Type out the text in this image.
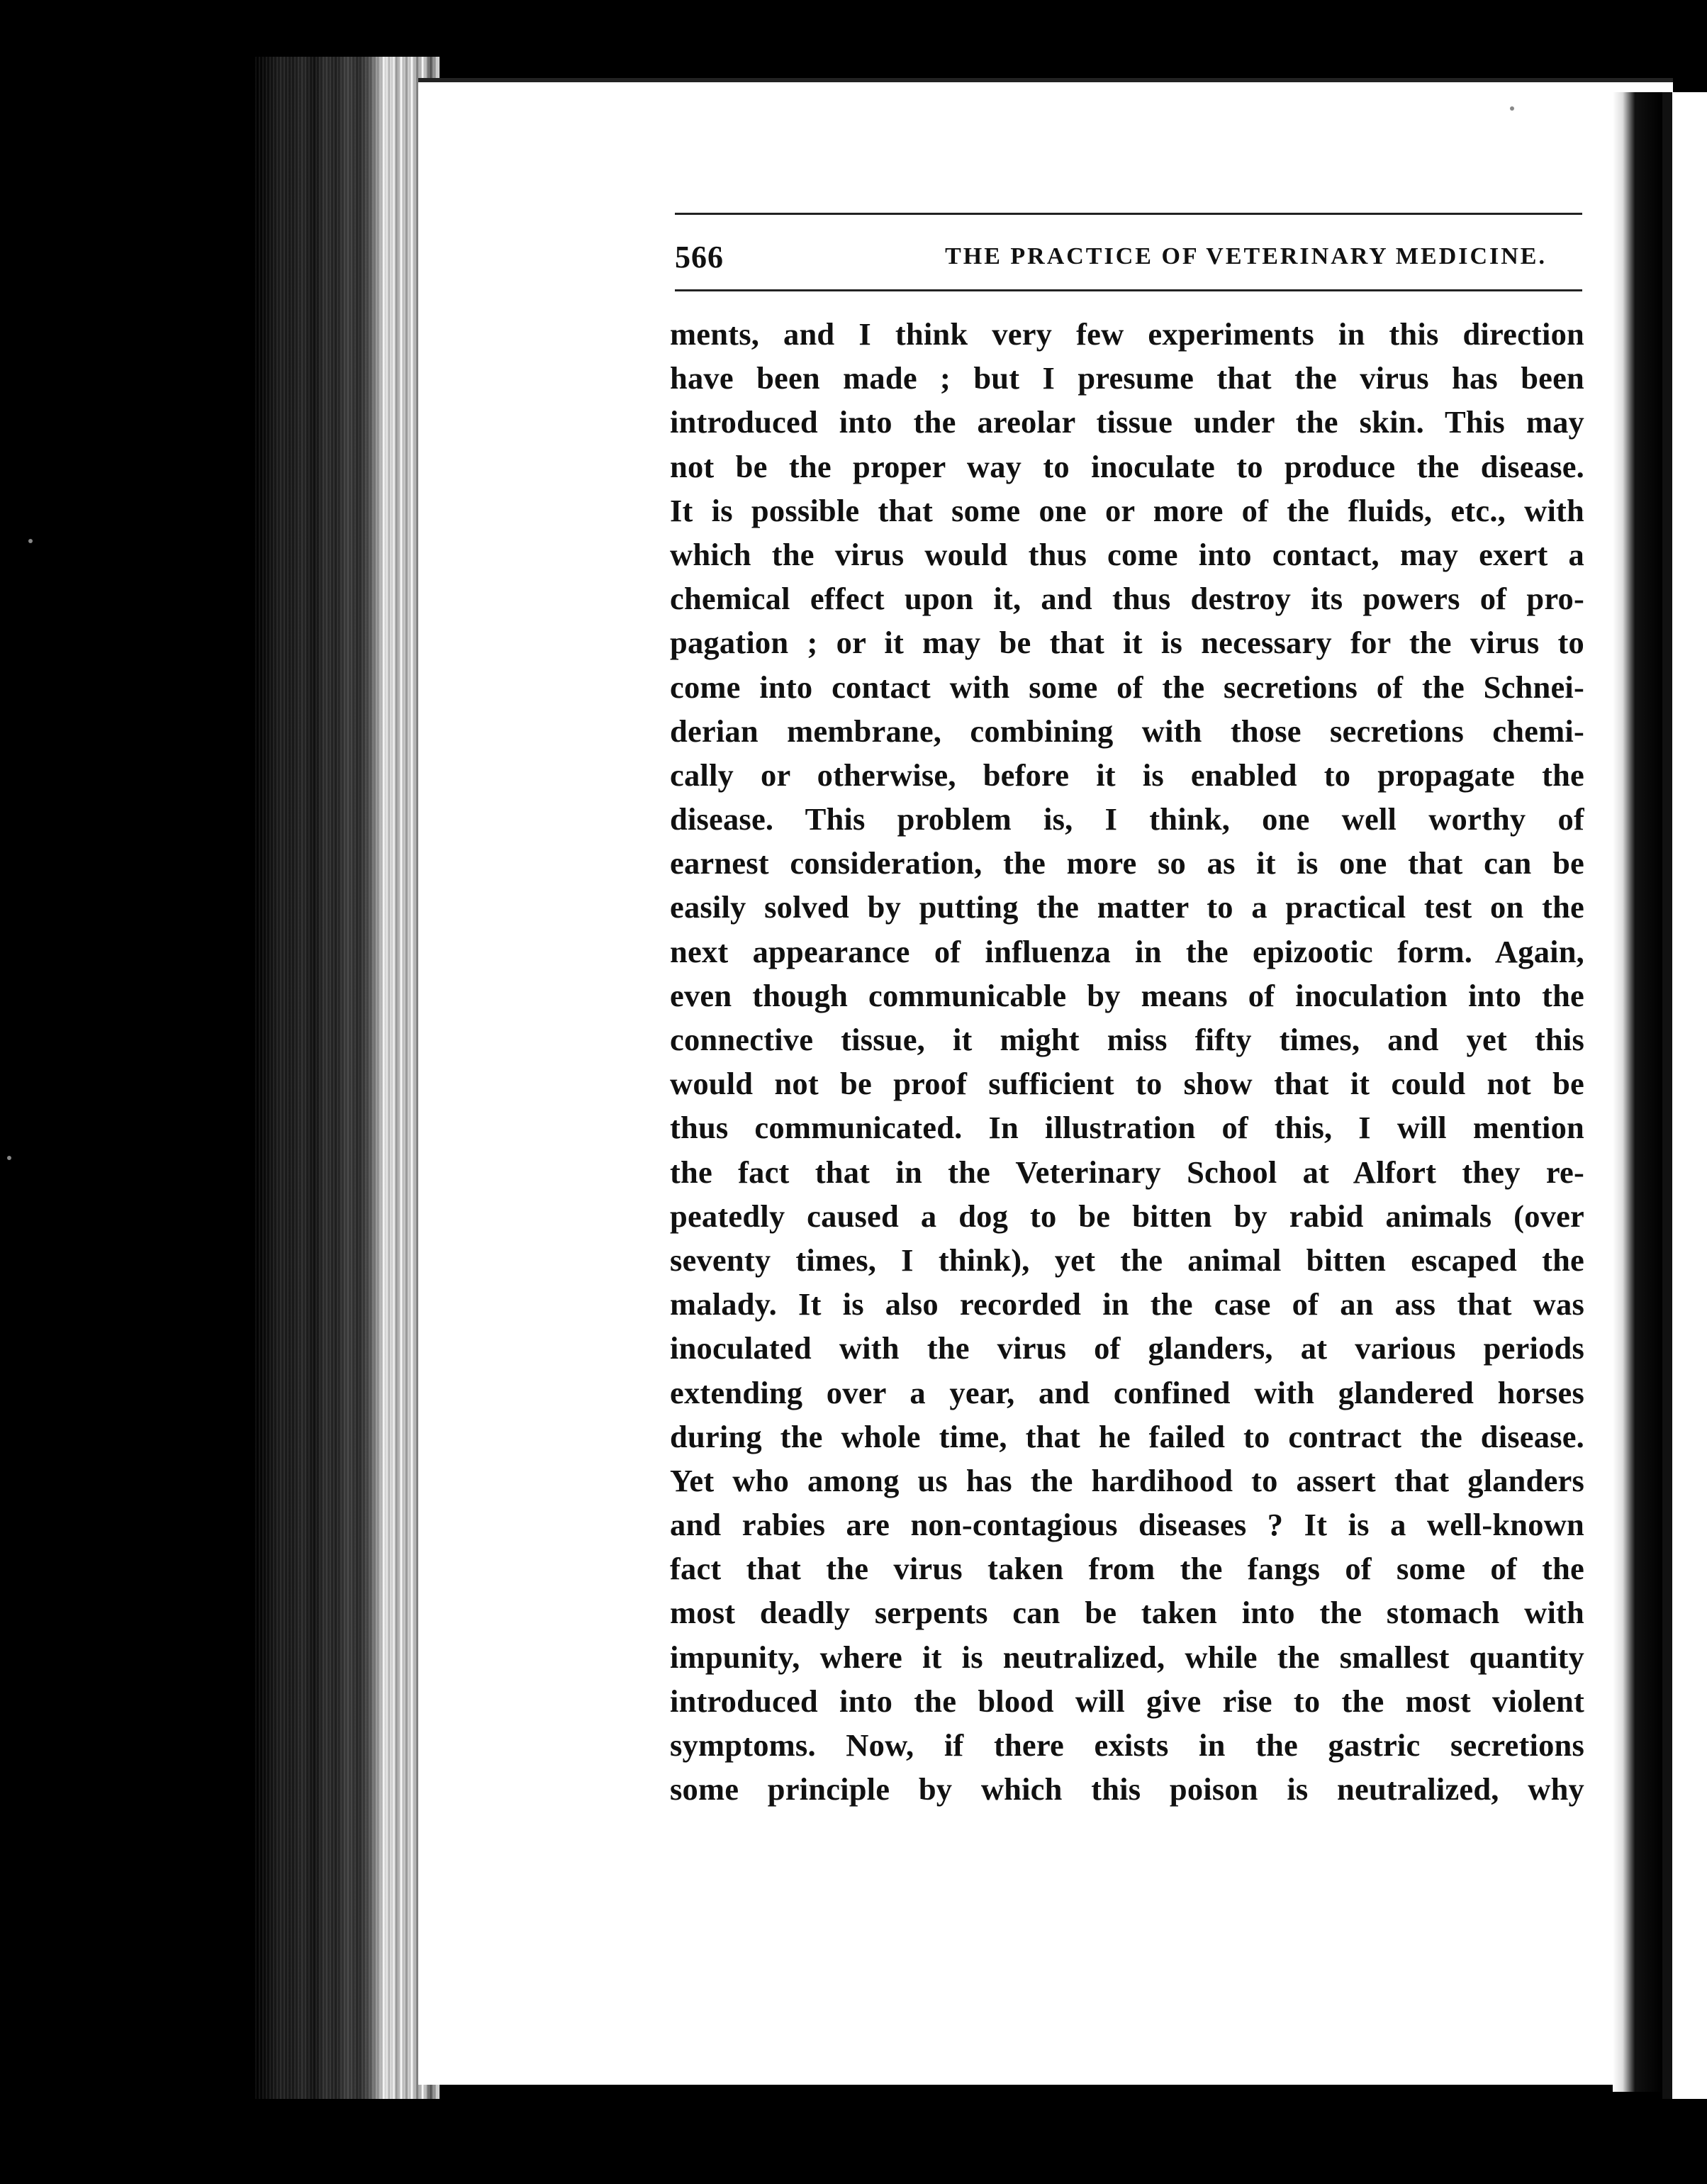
566	THE PRACTICE OF VETERINARY MEDICINE.
ments, and I think very few experiments in this direction
have been made ; but I presume that the virus has been
introduced into the areolar tissue under the skin. This may
not be the proper way to inoculate to produce the disease.
It is possible that some one or more of the fluids, etc., with
which the virus would thus come into contact, may exert a
chemical effect upon it, and thus destroy its powers of pro-
pagation ; or it may be that it is necessary for the virus to
come into contact with some of the secretions of the Schnei-
derian membrane, combining with those secretions chemi-
cally or otherwise, before it is enabled to propagate the
disease. This problem is, I think, one well worthy of
earnest consideration, the more so as it is one that can be
easily solved by putting the matter to a practical test on the
next appearance of influenza in the epizootic form. Again,
even though communicable by means of inoculation into the
connective tissue, it might miss fifty times, and yet this
would not be proof sufficient to show that it could not be
thus communicated. In illustration of this, I will mention
the fact that in the Veterinary School at Alfort they re-
peatedly caused a dog to be bitten by rabid animals (over
seventy times, I think), yet the animal bitten escaped the
malady. It is also recorded in the case of an ass that was
inoculated with the virus of glanders, at various periods
extending over a year, and confined with glandered horses
during the whole time, that he failed to contract the disease.
Yet who among us has the hardihood to assert that glanders
and rabies are non-contagious diseases ? It is a well-known
fact that the virus taken from the fangs of some of the
most deadly serpents can be taken into the stomach with
impunity, where it is neutralized, while the smallest quantity
introduced into the blood will give rise to the most violent
symptoms. Now, if there exists in the gastric secretions
some principle by which this poison is neutralized, why
